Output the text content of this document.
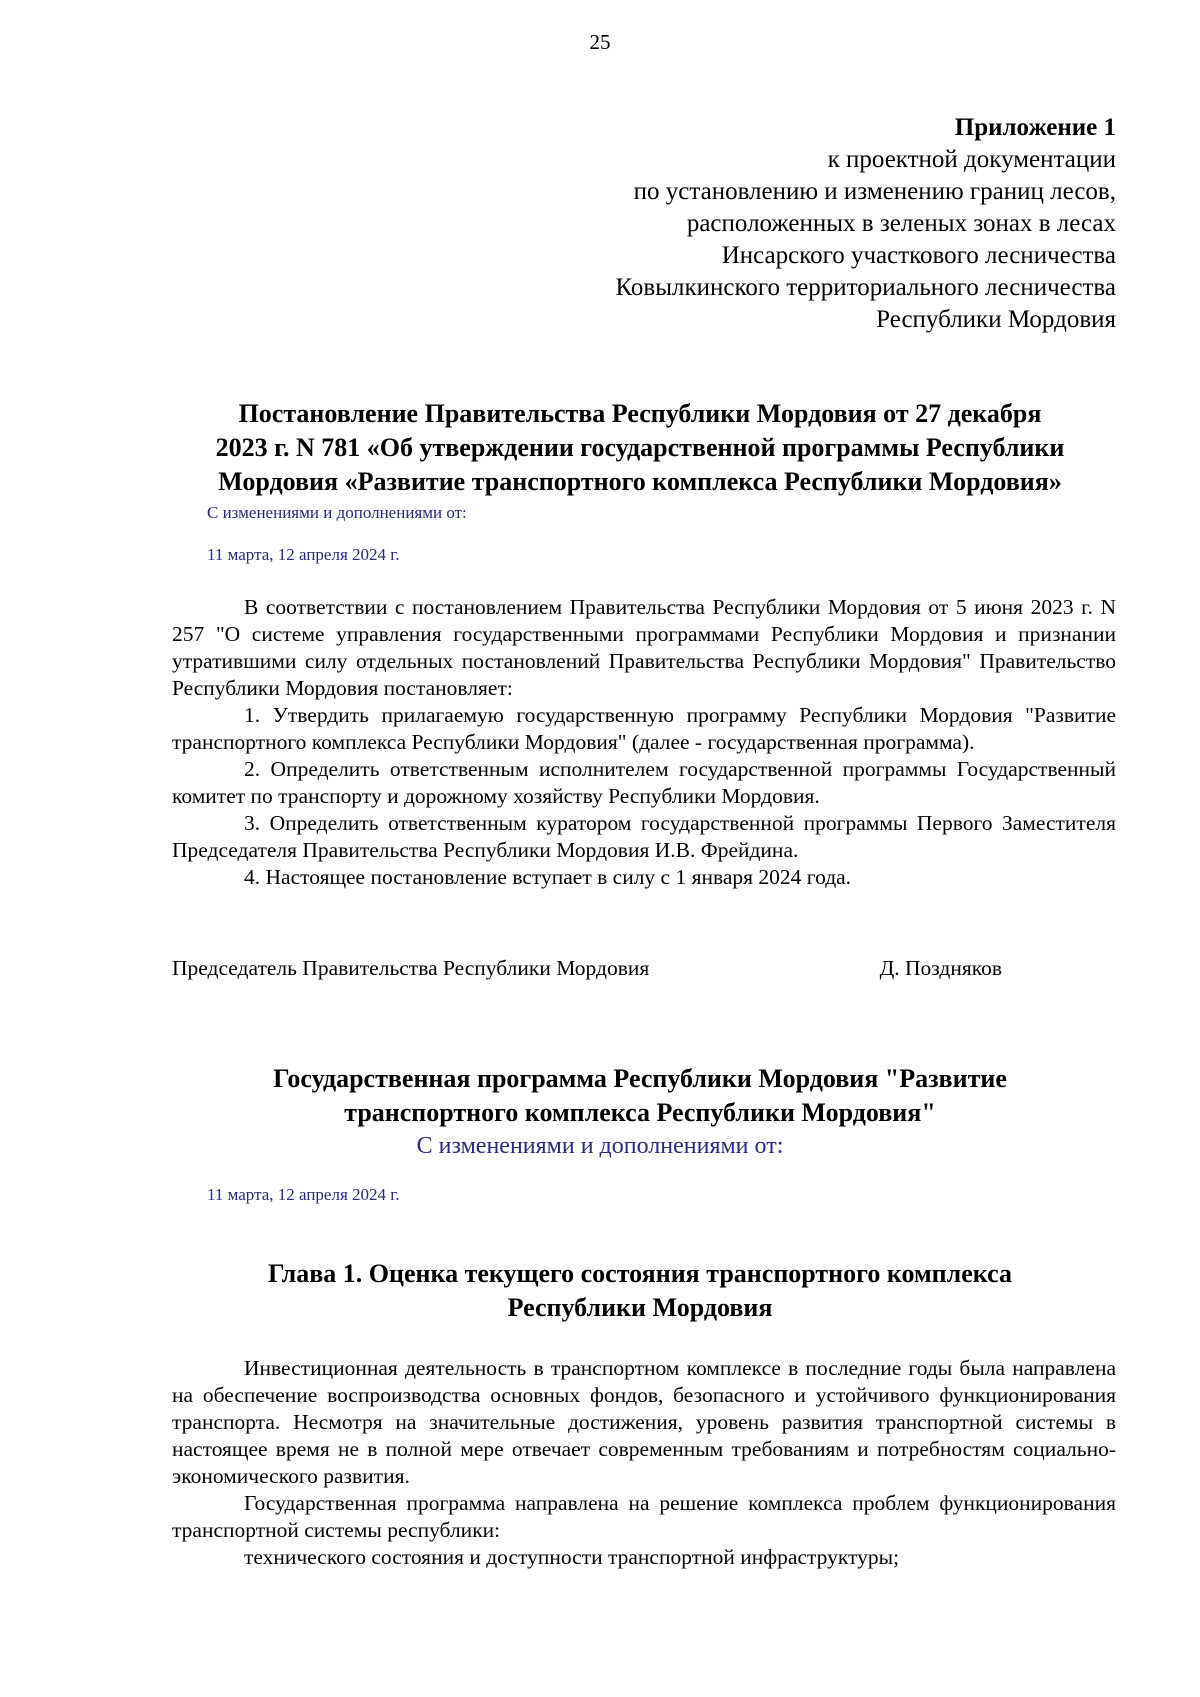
25
Приложение 1
к проектной документации
по установлению и изменению границ лесов,
расположенных в зеленых зонах в лесах
Инсарского участкового лесничества
Ковылкинского территориального лесничества
Республики Мордовия
Постановление Правительства Республики Мордовия от 27 декабря
2023 г. N 781 «Об утверждении государственной программы Республики
Мордовия «Развитие транспортного комплекса Республики Мордовия»
С изменениями и дополнениями от:
11 марта, 12 апреля 2024 г.

В соответствии с постановлением Правительства Республики Мордовия от 5 июня 2023 г. N 257 "О системе управления государственными программами Республики Мордовия и признании утратившими силу отдельных постановлений Правительства Республики Мордовия" Правительство Республики Мордовия постановляет:

1. Утвердить прилагаемую государственную программу Республики Мордовия "Развитие транспортного комплекса Республики Мордовия" (далее - государственная программа).

2. Определить ответственным исполнителем государственной программы Государственный комитет по транспорту и дорожному хозяйству Республики Мордовия.

3. Определить ответственным куратором государственной программы Первого Заместителя Председателя Правительства Республики Мордовия И.В. Фрейдина.

4. Настоящее постановление вступает в силу с 1 января 2024 года.

Председатель Правительства Республики Мордовия	Д. Поздняков
Государственная программа Республики Мордовия "Развитие
транспортного комплекса Республики Мордовия"
С изменениями и дополнениями от:
11 марта, 12 апреля 2024 г.
Глава 1. Оценка текущего состояния транспортного комплекса
Республики Мордовия

Инвестиционная деятельность в транспортном комплексе в последние годы была направлена на обеспечение воспроизводства основных фондов, безопасного и устойчивого функционирования транспорта. Несмотря на значительные достижения, уровень развития транспортной системы в настоящее время не в полной мере отвечает современным требованиям и потребностям социально-экономического развития.

Государственная программа направлена на решение комплекса проблем функционирования транспортной системы республики:

технического состояния и доступности транспортной инфраструктуры;
